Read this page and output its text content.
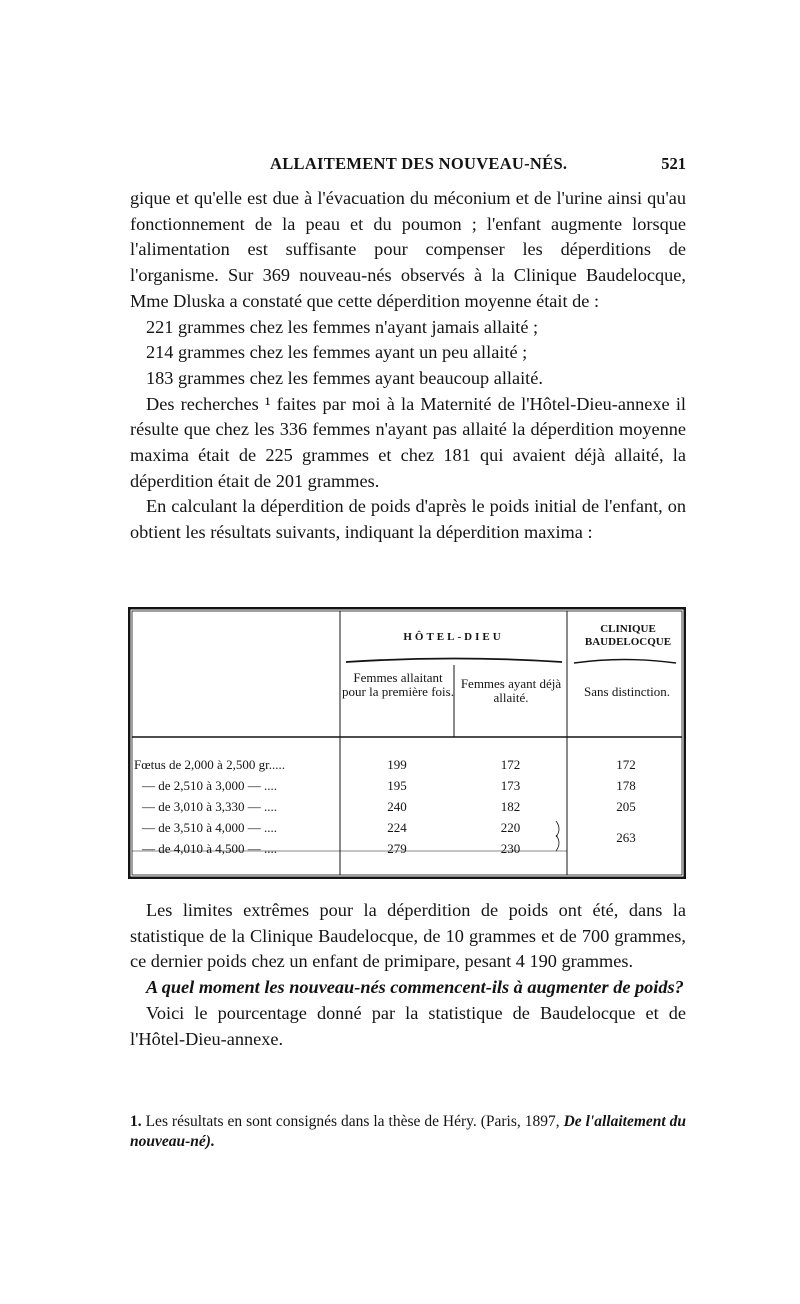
ALLAITEMENT DES NOUVEAU-NÉS.	521

gique et qu'elle est due à l'évacuation du méconium et de l'urine ainsi qu'au fonctionnement de la peau et du poumon ; l'enfant augmente lorsque l'alimentation est suffisante pour compenser les déperditions de l'organisme. Sur 369 nouveau-nés observés à la Clinique Baudelocque, Mme Dluska a constaté que cette déperdition moyenne était de :

221 grammes chez les femmes n'ayant jamais allaité ;
214 grammes chez les femmes ayant un peu allaité ;
183 grammes chez les femmes ayant beaucoup allaité.

Des recherches ¹ faites par moi à la Maternité de l'Hôtel-Dieu-annexe il résulte que chez les 336 femmes n'ayant pas allaité la déperdition moyenne maxima était de 225 grammes et chez 181 qui avaient déjà allaité, la déperdition était de 201 grammes.

En calculant la déperdition de poids d'après le poids initial de l'enfant, on obtient les résultats suivants, indiquant la déperdition maxima :

HÔTEL-DIEU
CLINIQUE BAUDELOCQUE
Femmes allaitant pour la première fois.
Femmes ayant déjà allaité.	Sans distinction.
Fœtus de 2,000 à 2,500 gr.....
— de 2,510 à 3,000 — ....
— de 3,010 à 3,330 — ....
— de 3,510 à 4,000 — ....
— de 4,010 à 4,500 — ....
199
195
240
224
279
172
173
182
220
230
172
178
205
263

Les limites extrêmes pour la déperdition de poids ont été, dans la statistique de la Clinique Baudelocque, de 10 grammes et de 700 grammes, ce dernier poids chez un enfant de primipare, pesant 4 190 grammes.

A quel moment les nouveau-nés commencent-ils à augmenter de poids?

Voici le pourcentage donné par la statistique de Baudelocque et de l'Hôtel-Dieu-annexe.

1. Les résultats en sont consignés dans la thèse de Héry. (Paris, 1897, De l'allaitement du nouveau-né).
